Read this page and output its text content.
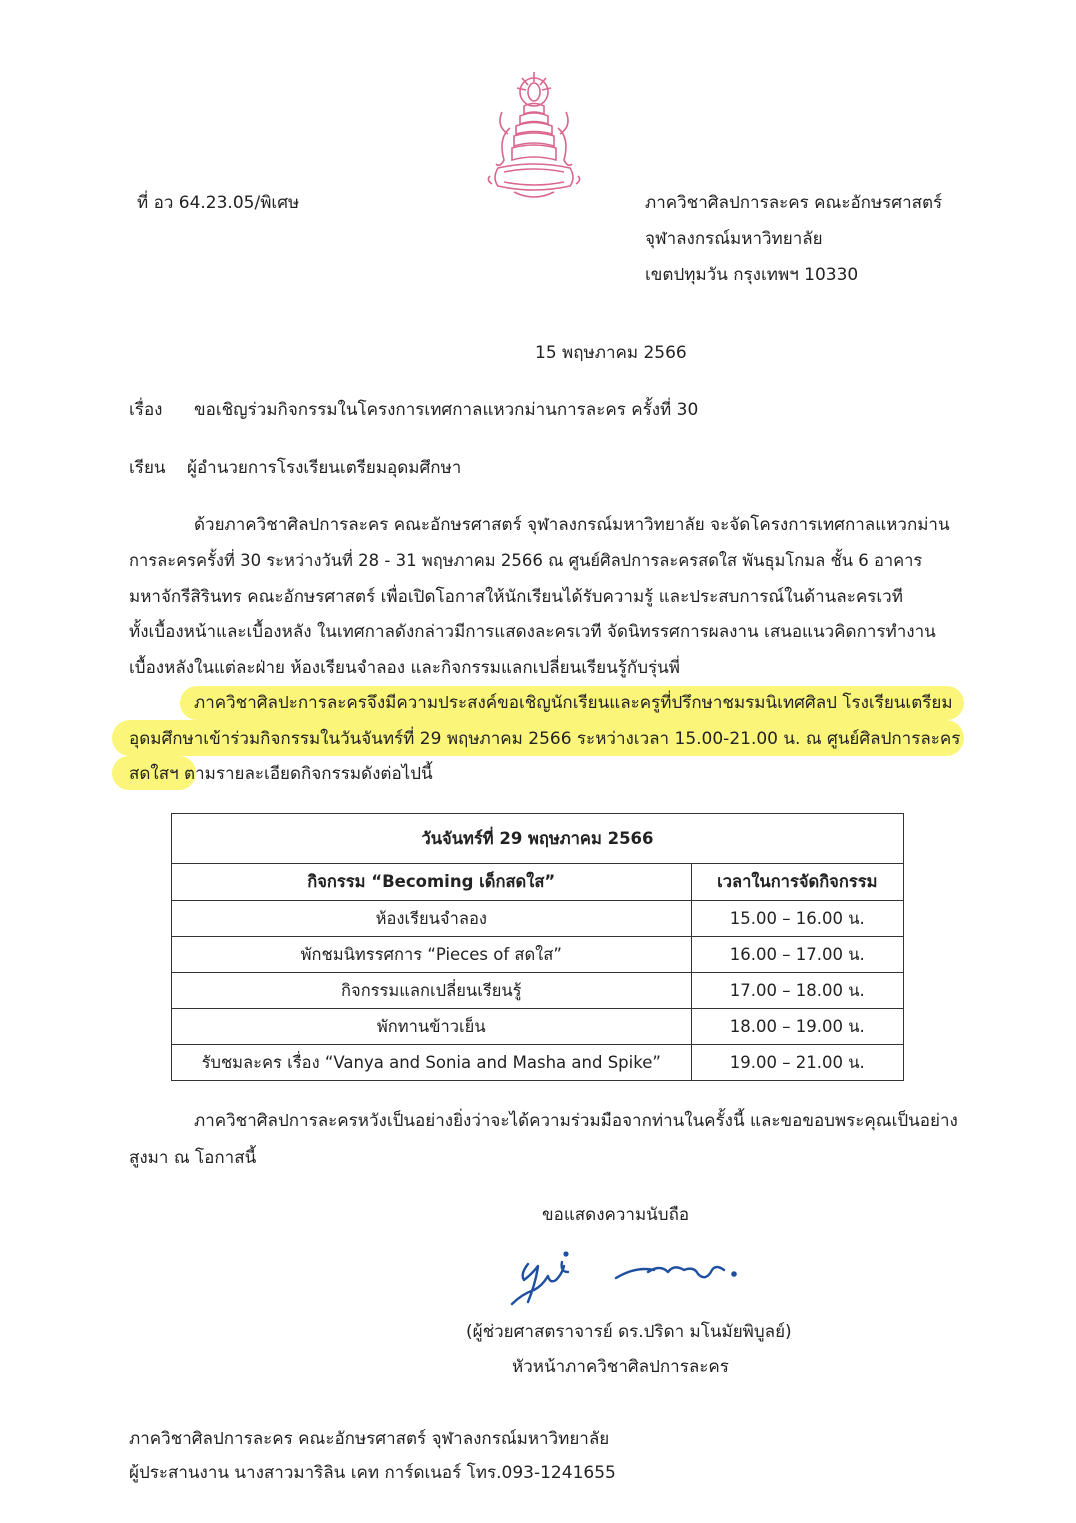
ที่ อว 64.23.05/พิเศษ	ภาควิชาศิลปการละคร คณะอักษรศาสตร์
จุฬาลงกรณ์มหาวิทยาลัย
เขตปทุมวัน กรุงเทพฯ 10330
15 พฤษภาคม 2566
เรื่อง ขอเชิญร่วมกิจกรรมในโครงการเทศกาลแหวกม่านการละคร ครั้งที่ 30
เรียน ผู้อำนวยการโรงเรียนเตรียมอุดมศึกษา
ด้วยภาควิชาศิลปการละคร คณะอักษรศาสตร์ จุฬาลงกรณ์มหาวิทยาลัย จะจัดโครงการเทศกาลแหวกม่าน
การละครครั้งที่ 30 ระหว่างวันที่ 28 - 31 พฤษภาคม 2566 ณ ศูนย์ศิลปการละครสดใส พันธุมโกมล ชั้น 6 อาคาร
มหาจักรีสิรินทร คณะอักษรศาสตร์ เพื่อเปิดโอกาสให้นักเรียนได้รับความรู้ และประสบการณ์ในด้านละครเวที
ทั้งเบื้องหน้าและเบื้องหลัง ในเทศกาลดังกล่าวมีการแสดงละครเวที จัดนิทรรศการผลงาน เสนอแนวคิดการทำงาน
เบื้องหลังในแต่ละฝ่าย ห้องเรียนจำลอง และกิจกรรมแลกเปลี่ยนเรียนรู้กับรุ่นพี่
ภาควิชาศิลปะการละครจึงมีความประสงค์ขอเชิญนักเรียนและครูที่ปรึกษาชมรมนิเทศศิลป โรงเรียนเตรียม
อุดมศึกษาเข้าร่วมกิจกรรมในวันจันทร์ที่ 29 พฤษภาคม 2566 ระหว่างเวลา 15.00-21.00 น. ณ ศูนย์ศิลปการละคร
สดใสฯ ตามรายละเอียดกิจกรรมดังต่อไปนี้
วันจันทร์ที่ 29 พฤษภาคม 2566	
กิจกรรม “Becoming เด็กสดใส”	เวลาในการจัดกิจกรรม
ห้องเรียนจำลอง	15.00 – 16.00 น.
พักชมนิทรรศการ “Pieces of สดใส”	16.00 – 17.00 น.
กิจกรรมแลกเปลี่ยนเรียนรู้	17.00 – 18.00 น.
พักทานข้าวเย็น	18.00 – 19.00 น.
รับชมละคร เรื่อง “Vanya and Sonia and Masha and Spike”	19.00 – 21.00 น.
ภาควิชาศิลปการละครหวังเป็นอย่างยิ่งว่าจะได้ความร่วมมือจากท่านในครั้งนี้ และขอขอบพระคุณเป็นอย่าง
สูงมา ณ โอกาสนี้
ขอแสดงความนับถือ
(ผู้ช่วยศาสตราจารย์ ดร.ปริดา มโนมัยพิบูลย์)
หัวหน้าภาควิชาศิลปการละคร
ภาควิชาศิลปการละคร คณะอักษรศาสตร์ จุฬาลงกรณ์มหาวิทยาลัย
ผู้ประสานงาน นางสาวมาริลิน เคท การ์ดเนอร์ โทร.093-1241655
